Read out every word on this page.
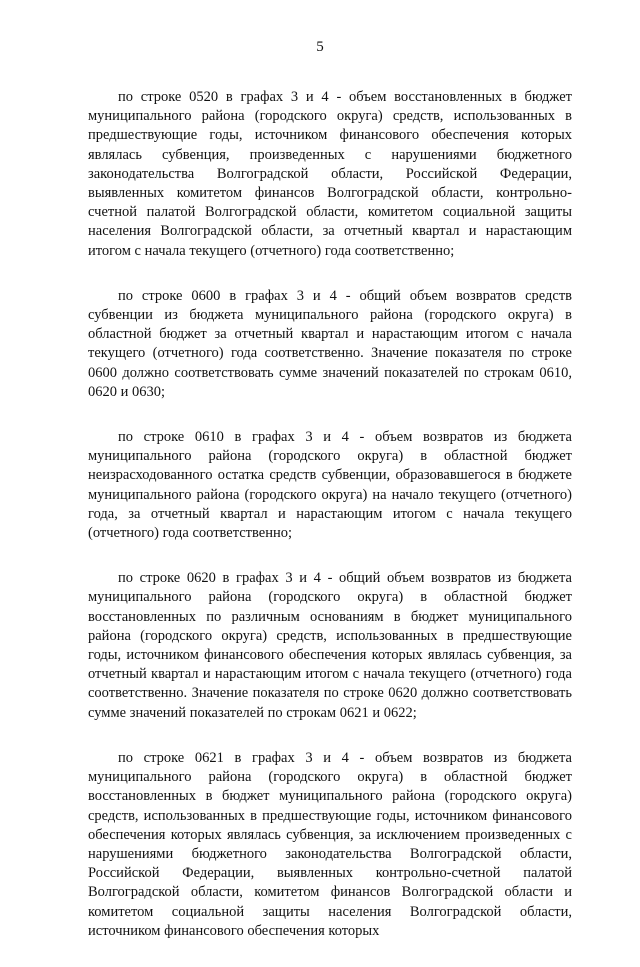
5

по строке 0520 в графах 3 и 4 - объем восстановленных в бюджет муниципального района (городского округа) средств, использованных в предшествующие годы, источником финансового обеспечения которых являлась субвенция, произведенных с нарушениями бюджетного законодательства Волгоградской области, Российской Федерации, выявленных комитетом финансов Волгоградской области, контрольно-счетной палатой Волгоградской области, комитетом социальной защиты населения Волгоградской области, за отчетный квартал и нарастающим итогом с начала текущего (отчетного) года соответственно;

по строке 0600 в графах 3 и 4 - общий объем возвратов средств субвенции из бюджета муниципального района (городского округа) в областной бюджет за отчетный квартал и нарастающим итогом с начала текущего (отчетного) года соответственно. Значение показателя по строке 0600 должно соответствовать сумме значений показателей по строкам 0610, 0620 и 0630;

по строке 0610 в графах 3 и 4 - объем возвратов из бюджета муниципального района (городского округа) в областной бюджет неизрасходованного остатка средств субвенции, образовавшегося в бюджете муниципального района (городского округа) на начало текущего (отчетного) года, за отчетный квартал и нарастающим итогом с начала текущего (отчетного) года соответственно;

по строке 0620 в графах 3 и 4 - общий объем возвратов из бюджета муниципального района (городского округа) в областной бюджет восстановленных по различным основаниям в бюджет муниципального района (городского округа) средств, использованных в предшествующие годы, источником финансового обеспечения которых являлась субвенция, за отчетный квартал и нарастающим итогом с начала текущего (отчетного) года соответственно. Значение показателя по строке 0620 должно соответствовать сумме значений показателей по строкам 0621 и 0622;

по строке 0621 в графах 3 и 4 - объем возвратов из бюджета муниципального района (городского округа) в областной бюджет восстановленных в бюджет муниципального района (городского округа) средств, использованных в предшествующие годы, источником финансового обеспечения которых являлась субвенция, за исключением произведенных с нарушениями бюджетного законодательства Волгоградской области, Российской Федерации, выявленных контрольно-счетной палатой Волгоградской области, комитетом финансов Волгоградской области и комитетом социальной защиты населения Волгоградской области, источником финансового обеспечения которых
